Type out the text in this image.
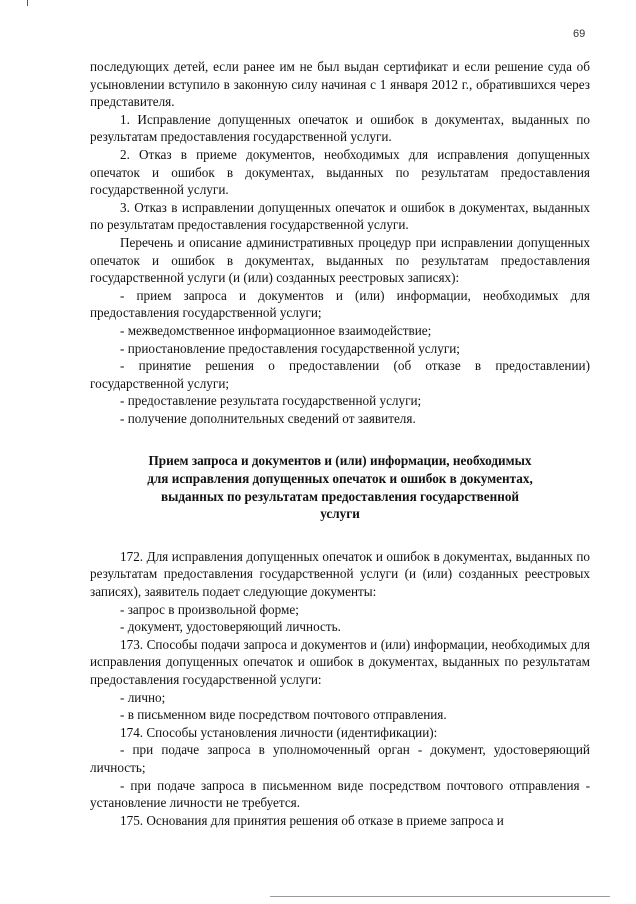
69

последующих детей, если ранее им не был выдан сертификат и если решение суда об усыновлении вступило в законную силу начиная с 1 января 2012 г., обратившихся через представителя.

1. Исправление допущенных опечаток и ошибок в документах, выданных по результатам предоставления государственной услуги.

2. Отказ в приеме документов, необходимых для исправления допущенных опечаток и ошибок в документах, выданных по результатам предоставления государственной услуги.

3. Отказ в исправлении допущенных опечаток и ошибок в документах, выданных по результатам предоставления государственной услуги.

Перечень и описание административных процедур при исправлении допущенных опечаток и ошибок в документах, выданных по результатам предоставления государственной услуги (и (или) созданных реестровых записях):

- прием запроса и документов и (или) информации, необходимых для предоставления государственной услуги;

- межведомственное информационное взаимодействие;

- приостановление предоставления государственной услуги;

- принятие решения о предоставлении (об отказе в предоставлении) государственной услуги;

- предоставление результата государственной услуги;

- получение дополнительных сведений от заявителя.

Прием запроса и документов и (или) информации, необходимых

для исправления допущенных опечаток и ошибок в документах,

выданных по результатам предоставления государственной

услуги

172. Для исправления допущенных опечаток и ошибок в документах, выданных по результатам предоставления государственной услуги (и (или) созданных реестровых записях), заявитель подает следующие документы:

- запрос в произвольной форме;

- документ, удостоверяющий личность.

173. Способы подачи запроса и документов и (или) информации, необходимых для исправления допущенных опечаток и ошибок в документах, выданных по результатам предоставления государственной услуги:

- лично;

- в письменном виде посредством почтового отправления.

174. Способы установления личности (идентификации):

- при подаче запроса в уполномоченный орган - документ, удостоверяющий личность;

- при подаче запроса в письменном виде посредством почтового отправления - установление личности не требуется.

175. Основания для принятия решения об отказе в приеме запроса и
